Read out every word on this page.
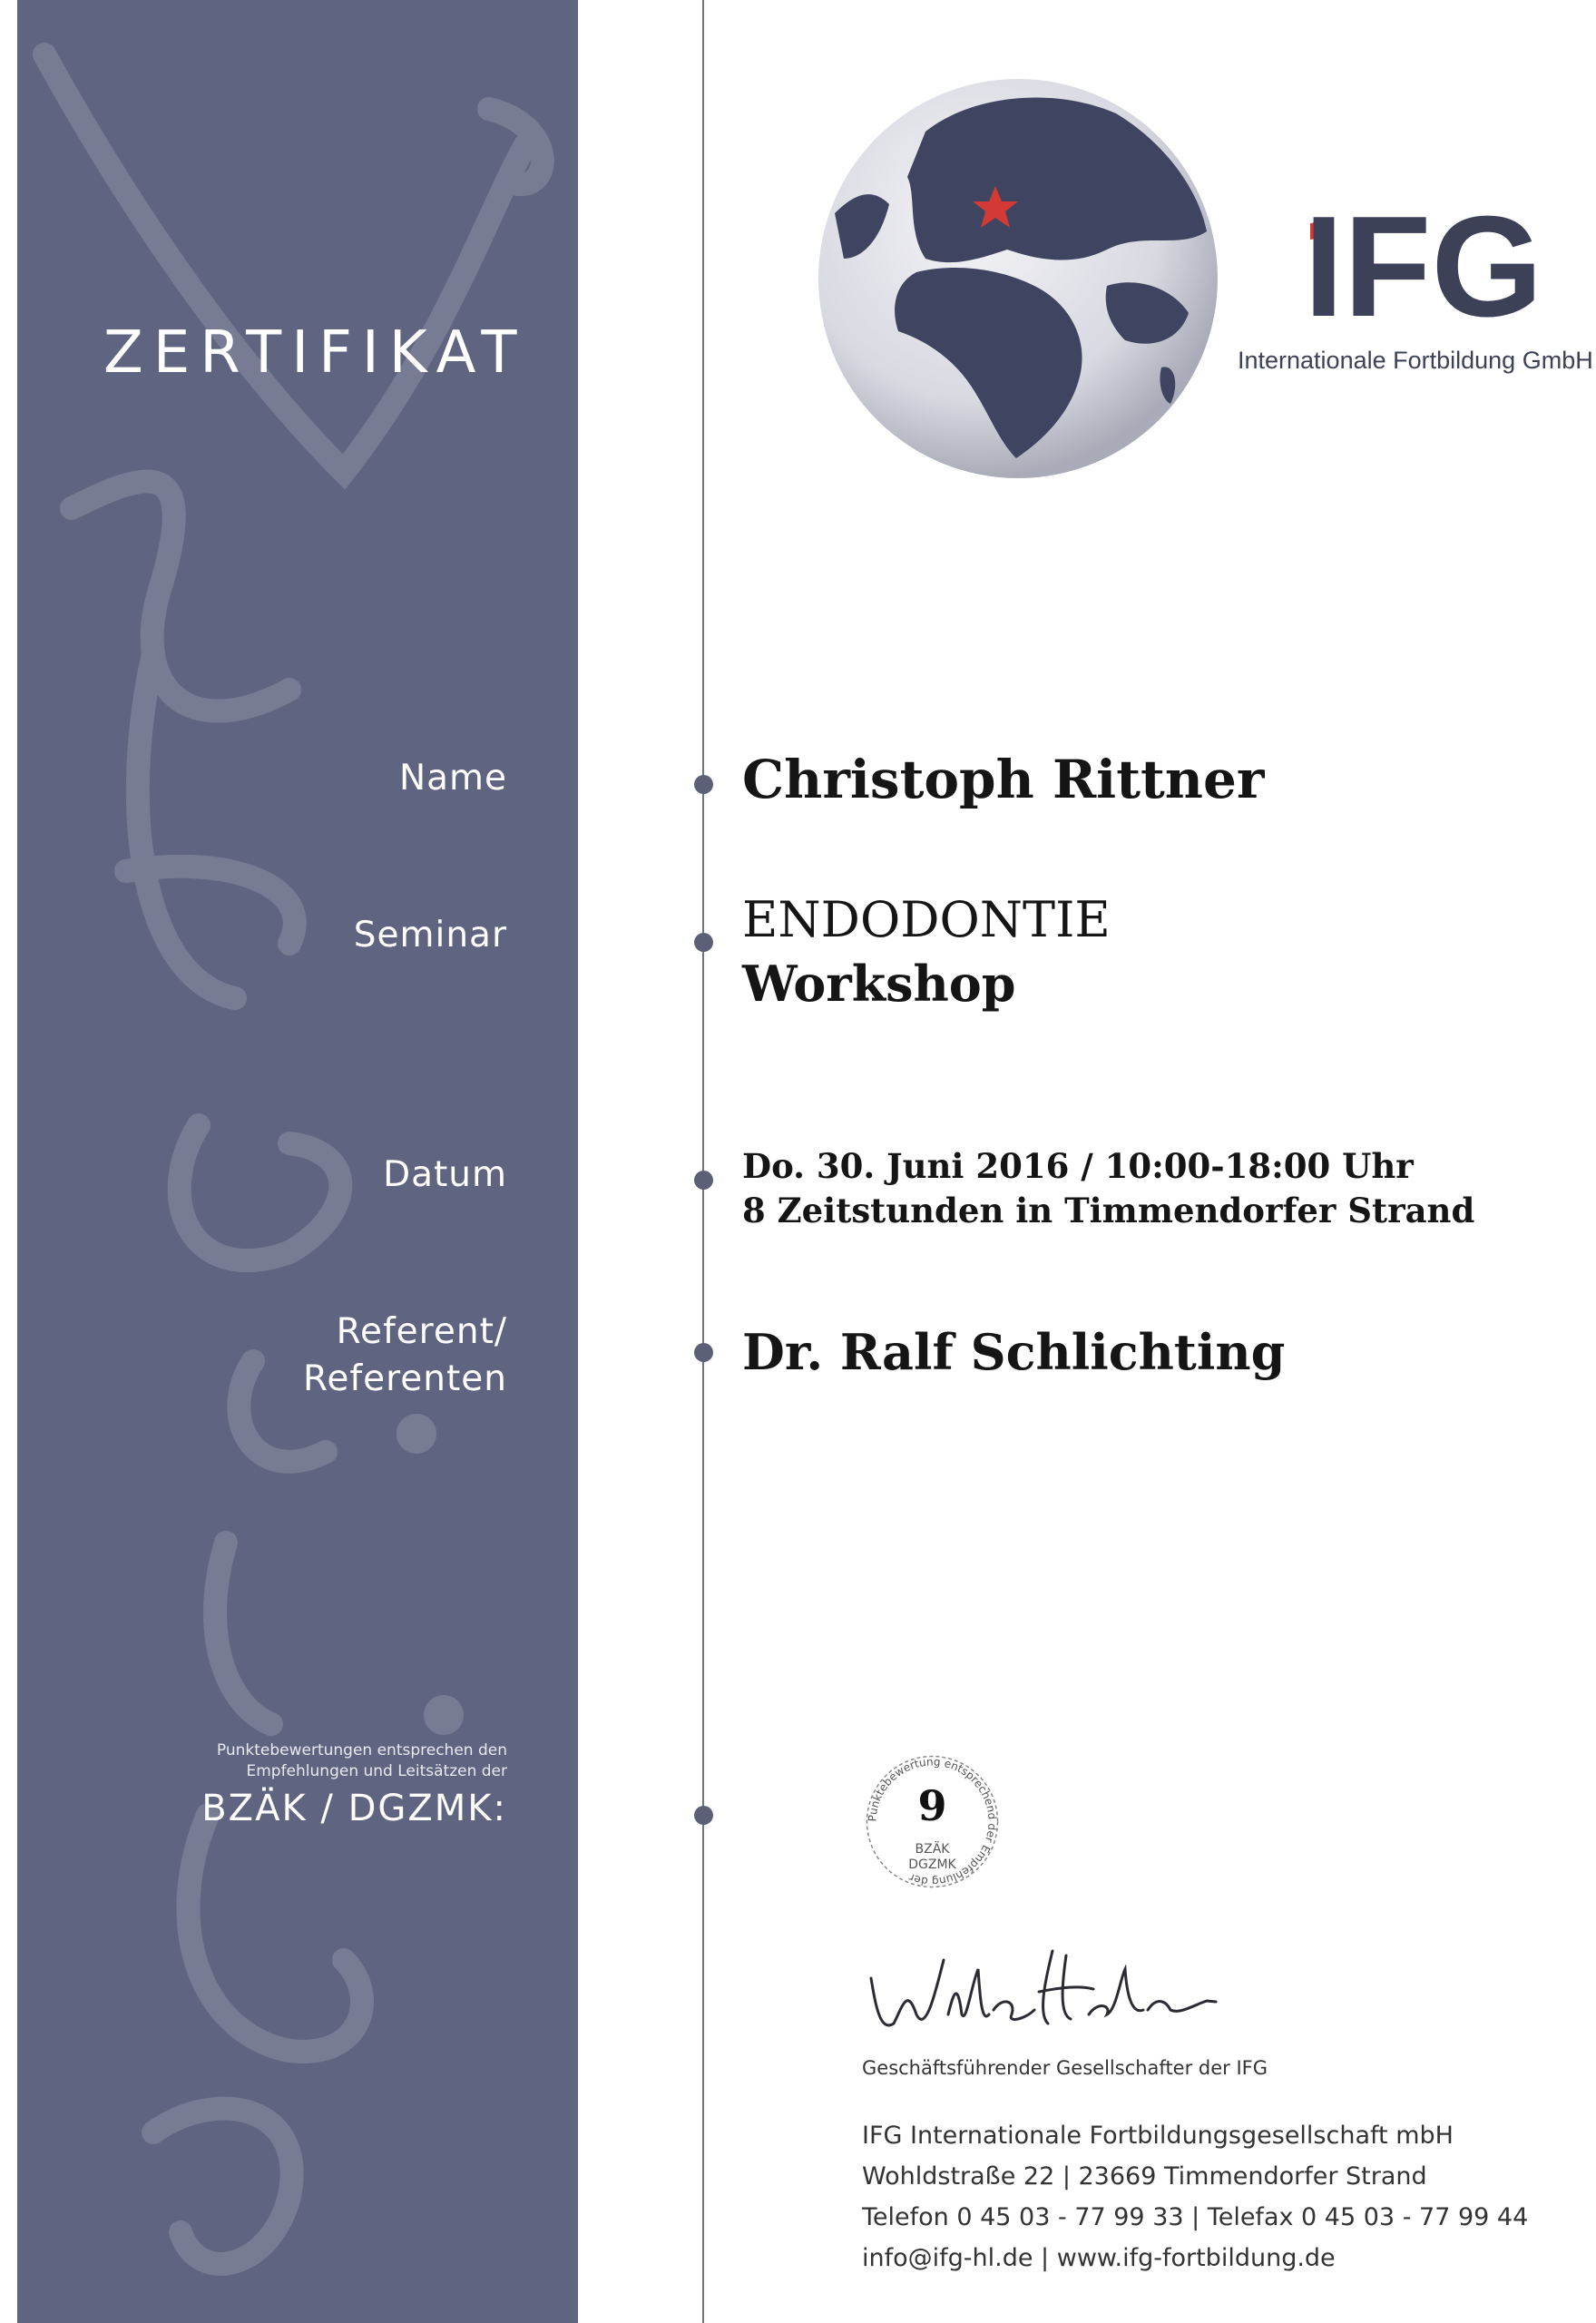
ZERTIFIKAT
Name
Seminar
Datum
Referent/
Referenten
Punktebewertungen entsprechen den
Empfehlungen und Leitsätzen der
BZÄK / DGZMK:
IFG
Internationale Fortbildung GmbH
Christoph Rittner
ENDODONTIE
Workshop
Do. 30. Juni 2016 / 10:00-18:00 Uhr
8 Zeitstunden in Timmendorfer Strand
Dr. Ralf Schlichting
Punktebewertung entsprechend der Empfehlung der
9
BZÄK
DGZMK
Geschäftsführender Gesellschafter der IFG
IFG Internationale Fortbildungsgesellschaft mbH
Wohldstraße 22 | 23669 Timmendorfer Strand
Telefon 0 45 03 - 77 99 33 | Telefax 0 45 03 - 77 99 44
info@ifg-hl.de | www.ifg-fortbildung.de
